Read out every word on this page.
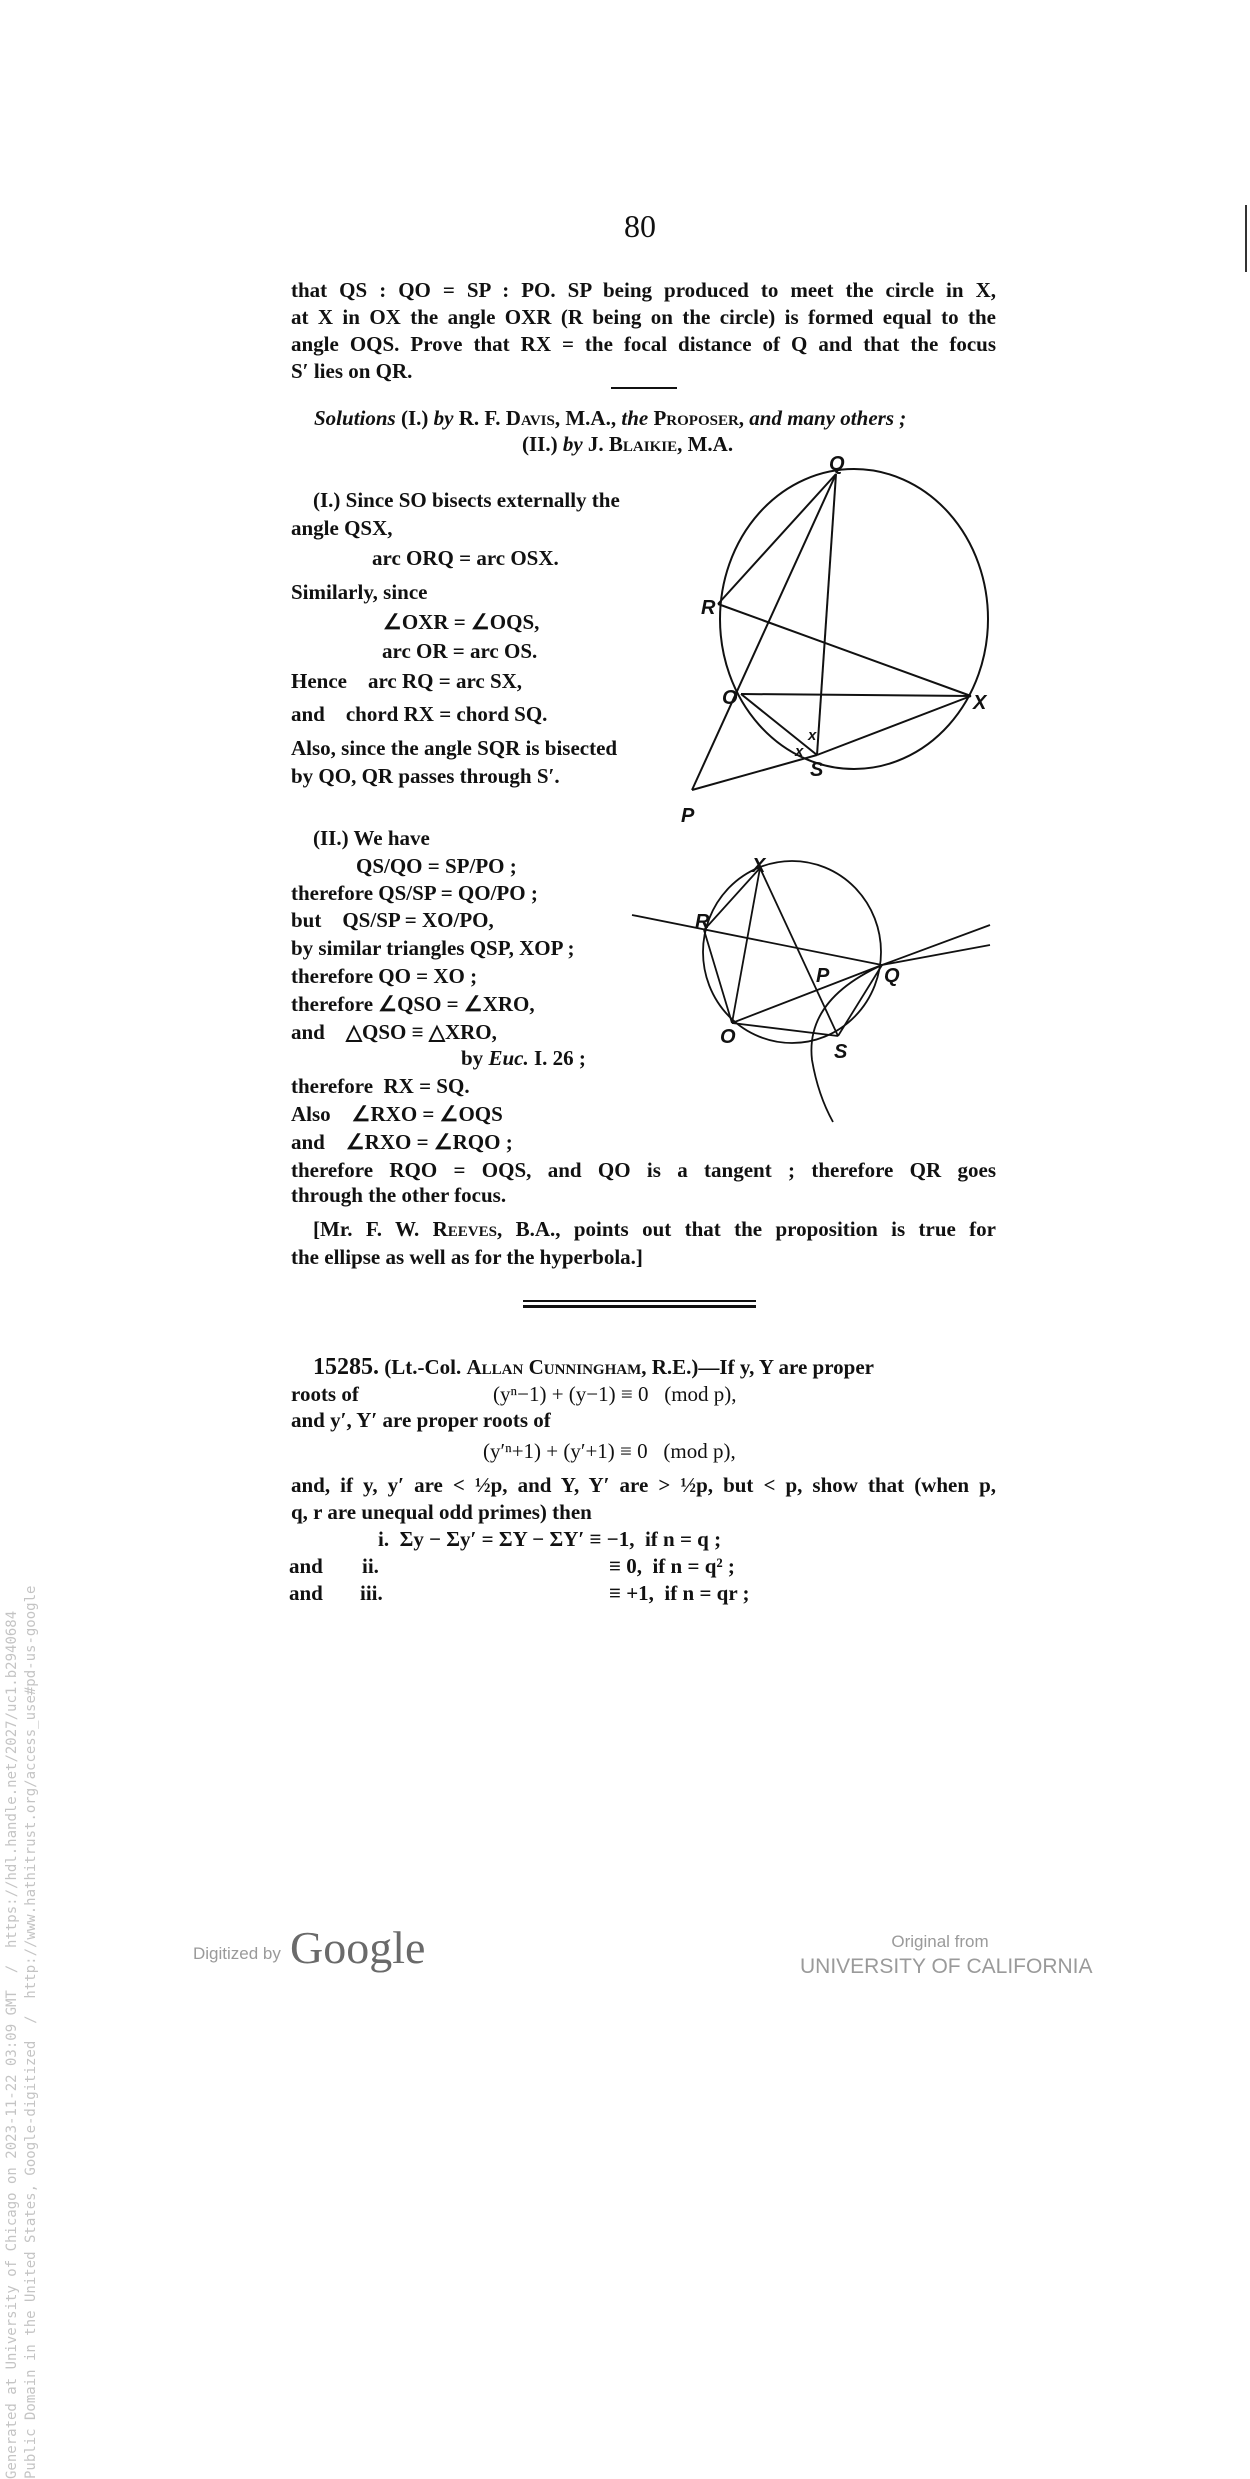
80
that QS : QO = SP : PO. SP being produced to meet the circle in X,
at X in OX the angle OXR (R being on the circle) is formed equal to the
angle OQS. Prove that RX = the focal distance of Q and that the focus
S′ lies on QR.
Solutions (I.) by R. F. Davis, M.A., the Proposer, and many others ;
(II.) by J. Blaikie, M.A.
(I.) Since SO bisects externally the
angle QSX,
arc ORQ = arc OSX.
Similarly, since
∠OXR = ∠OQS,
arc OR = arc OS.
Hence    arc RQ = arc SX,
and    chord RX = chord SQ.
Also, since the angle SQR is bisected
by QO, QR passes through S′.
(II.) We have
QS/QO = SP/PO ;
therefore QS/SP = QO/PO ;
but    QS/SP = XO/PO,
by similar triangles QSP, XOP ;
therefore QO = XO ;
therefore ∠QSO = ∠XRO,
and    △QSO ≡ △XRO,
by Euc. I. 26 ;
therefore  RX = SQ.
Also    ∠RXO = ∠OQS
and    ∠RXO = ∠RQO ;
therefore RQO = OQS, and QO is a tangent ; therefore QR goes
through the other focus.
[Mr. F. W. Reeves, B.A., points out that the proposition is true for
the ellipse as well as for the hyperbola.]
15285. (Lt.-Col. Allan Cunningham, R.E.)—If y, Y are proper
roots of	(yⁿ−1) + (y−1) ≡ 0   (mod p),
and y′, Y′ are proper roots of
(y′ⁿ+1) + (y′+1) ≡ 0   (mod p),
and, if y, y′ are < ½p, and Y, Y′ are > ½p, but < p, show that (when p,
q, r are unequal odd primes) then
i.  Σy − Σy′ = ΣY − ΣY′ ≡ −1,  if n = q ;
and ii.	≡ 0,  if n = q² ;
and iii.	≡ +1,  if n = qr ;
Q
R
O	X
S
P
x
x
X
R
P	Q
O
S
Generated at University of Chicago on 2023-11-22 03:09 GMT  /  https://hdl.handle.net/2027/uc1.b2940684 Public Domain in the United States, Google-digitized  /  http://www.hathitrust.org/access_use#pd-us-google	Digitized by Google	Original from
UNIVERSITY OF CALIFORNIA
